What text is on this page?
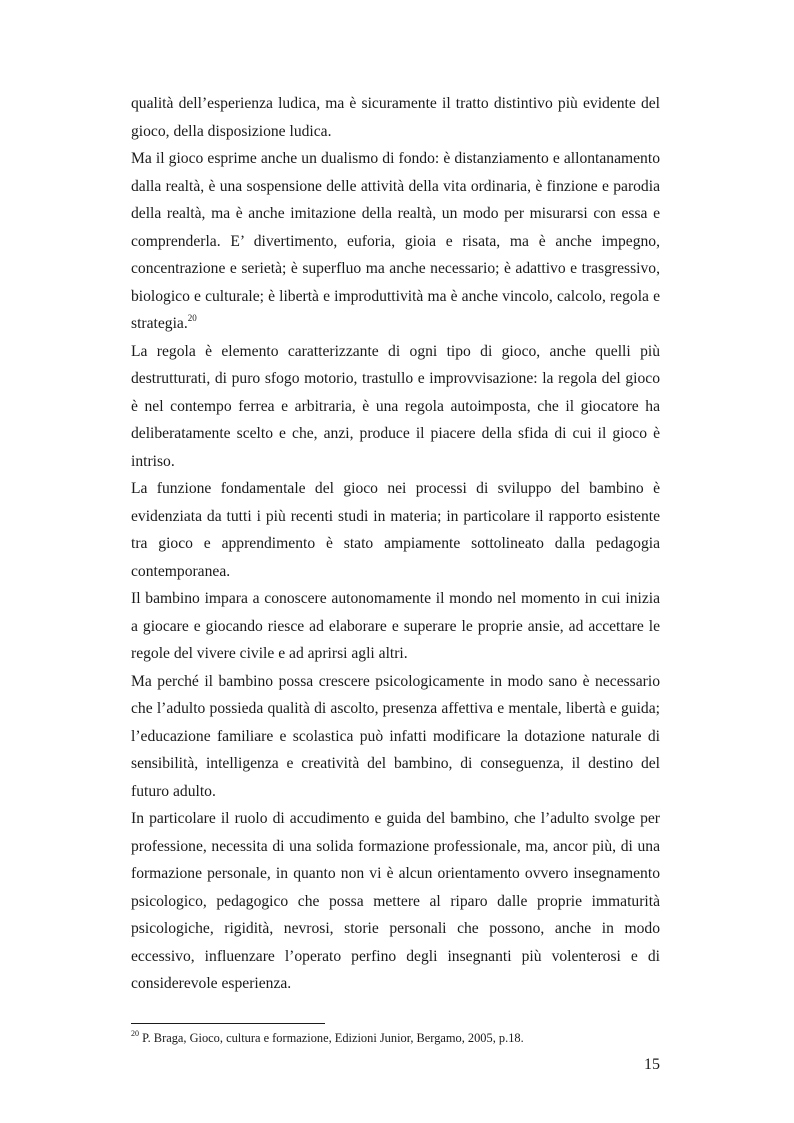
qualità dell’esperienza ludica, ma è sicuramente il tratto distintivo più evidente del gioco, della disposizione ludica.

Ma il gioco esprime anche un dualismo di fondo: è distanziamento e allontanamento dalla realtà, è una sospensione delle attività della vita ordinaria, è finzione e parodia della realtà, ma è anche imitazione della realtà, un modo per misurarsi con essa e comprenderla. E’ divertimento, euforia, gioia e risata, ma è anche impegno, concentrazione e serietà; è superfluo ma anche necessario; è adattivo e trasgressivo, biologico e culturale; è libertà e improduttività ma è anche vincolo, calcolo, regola e strategia.$^{20}$

La regola è elemento caratterizzante di ogni tipo di gioco, anche quelli più destrutturati, di puro sfogo motorio, trastullo e improvvisazione: la regola del gioco è nel contempo ferrea e arbitraria, è una regola autoimposta, che il giocatore ha deliberatamente scelto e che, anzi, produce il piacere della sfida di cui il gioco è intriso.

La funzione fondamentale del gioco nei processi di sviluppo del bambino è evidenziata da tutti i più recenti studi in materia; in particolare il rapporto esistente tra gioco e apprendimento è stato ampiamente sottolineato dalla pedagogia contemporanea.

Il bambino impara a conoscere autonomamente il mondo nel momento in cui inizia a giocare e giocando riesce ad elaborare e superare le proprie ansie, ad accettare le regole del vivere civile e ad aprirsi agli altri.

Ma perché il bambino possa crescere psicologicamente in modo sano è necessario che l’adulto possieda qualità di ascolto, presenza affettiva e mentale, libertà e guida; l’educazione familiare e scolastica può infatti modificare la dotazione naturale di sensibilità, intelligenza e creatività del bambino, di conseguenza, il destino del futuro adulto.

In particolare il ruolo di accudimento e guida del bambino, che l’adulto svolge per professione, necessita di una solida formazione professionale, ma, ancor più, di una formazione personale, in quanto non vi è alcun orientamento ovvero insegnamento psicologico, pedagogico che possa mettere al riparo dalle proprie immaturità psicologiche, rigidità, nevrosi, storie personali che possono, anche in modo eccessivo, influenzare l’operato perfino degli insegnanti più volenterosi e di considerevole esperienza.

$^{20}$ P. Braga, Gioco, cultura e formazione, Edizioni Junior, Bergamo, 2005, p.18.
15
